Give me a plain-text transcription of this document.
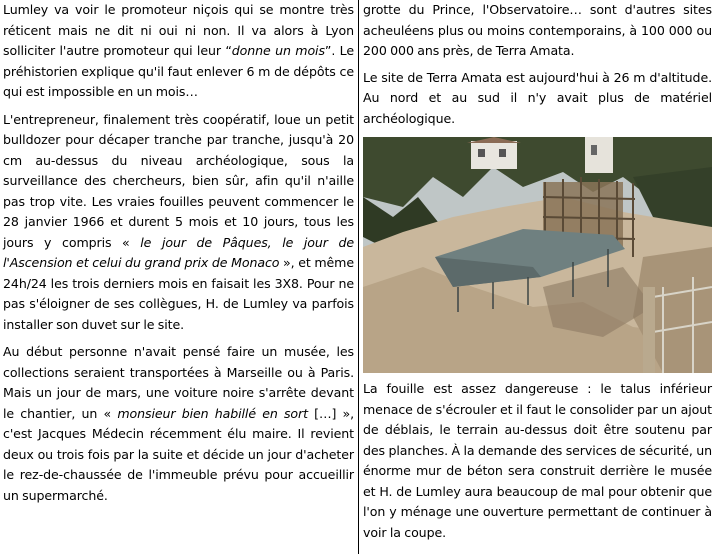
Lumley va voir le promoteur niçois qui se montre très réticent mais ne dit ni oui ni non. Il va alors à Lyon solliciter l'autre promoteur qui leur “donne un mois”. Le préhistorien explique qu'il faut enlever 6 m de dépôts ce qui est impossible en un mois…

L'entrepreneur, finalement très coopératif, loue un petit bulldozer pour décaper tranche par tranche, jusqu'à 20 cm au-dessus du niveau archéologique, sous la surveillance des chercheurs, bien sûr, afin qu'il n'aille pas trop vite. Les vraies fouilles peuvent commencer le 28 janvier 1966 et durent 5 mois et 10 jours, tous les jours y compris « le jour de Pâques, le jour de l'Ascension et celui du grand prix de Monaco », et même 24h/24 les trois derniers mois en faisait les 3X8. Pour ne pas s'éloigner de ses collègues, H. de Lumley va parfois installer son duvet sur le site.

Au début personne n'avait pensé faire un musée, les collections seraient transportées à Marseille ou à Paris. Mais un jour de mars, une voiture noire s'arrête devant le chantier, un « monsieur bien habillé en sort […] », c'est Jacques Médecin récemment élu maire. Il revient deux ou trois fois par la suite et décide un jour d'acheter le rez-de-chaussée de l'immeuble prévu pour accueillir un supermarché.

grotte du Prince, l'Observatoire… sont d'autres sites acheuléens plus ou moins contemporains, à 100 000 ou 200 000 ans près, de Terra Amata.

Le site de Terra Amata est aujourd'hui à 26 m d'altitude. Au nord et au sud il n'y avait plus de matériel archéologique.

La fouille est assez dangereuse : le talus inférieur menace de s'écrouler et il faut le consolider par un ajout de déblais, le terrain au-dessus doit être soutenu par des planches. À la demande des services de sécurité, un énorme mur de béton sera construit derrière le musée et H. de Lumley aura beaucoup de mal pour obtenir que l'on y ménage une ouverture permettant de continuer à voir la coupe.
